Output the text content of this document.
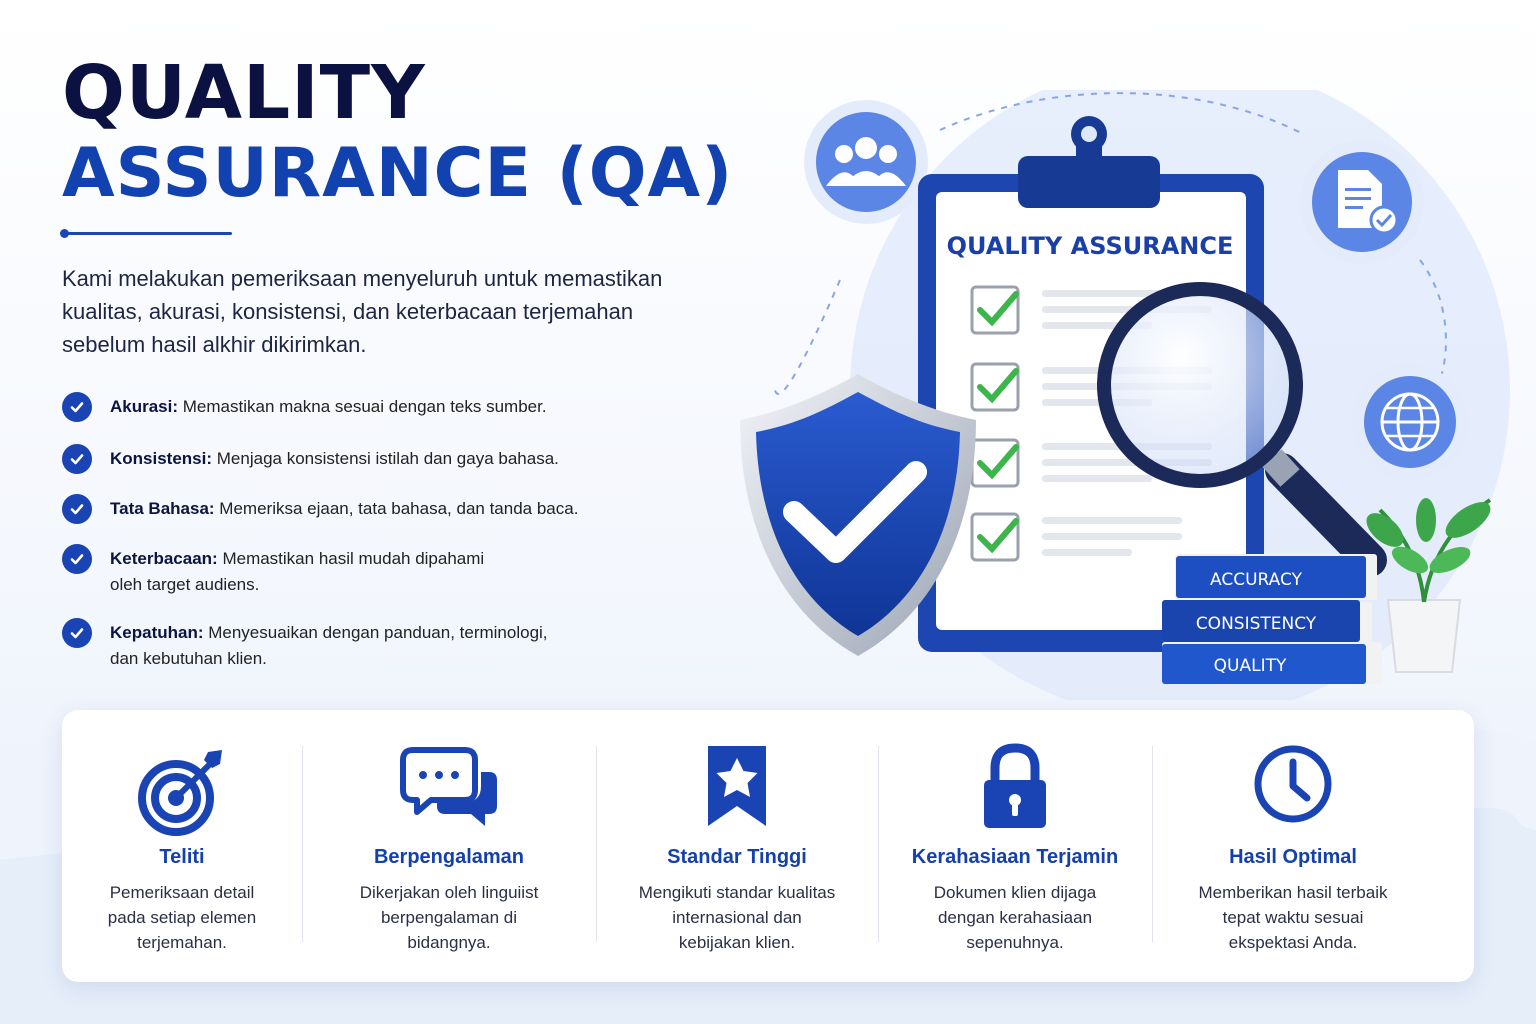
QUALITY
ASSURANCE (QA)

Kami melakukan pemeriksaan menyeluruh untuk memastikan kualitas, akurasi, konsistensi, dan keterbacaan terjemahan sebelum hasil alkhir dikirimkan.

Akurasi: Memastikan makna sesuai dengan teks sumber.
Konsistensi: Menjaga konsistensi istilah dan gaya bahasa.
Tata Bahasa: Memeriksa ejaan, tata bahasa, dan tanda baca.
Keterbacaan: Memastikan hasil mudah dipahami
oleh target audiens.
Kepatuhan: Menyesuaikan dengan panduan, terminologi,
dan kebutuhan klien.
QUALITY ASSURANCE
ACCURACY
CONSISTENCY
QUALITY
Teliti
Pemeriksaan detail
pada setiap elemen
terjemahan.
Berpengalaman
Dikerjakan oleh linguiist
berpengalaman di
bidangnya.
Standar Tinggi
Mengikuti standar kualitas
internasional dan
kebijakan klien.
Kerahasiaan Terjamin
Dokumen klien dijaga
dengan kerahasiaan
sepenuhnya.
Hasil Optimal
Memberikan hasil terbaik
tepat waktu sesuai
ekspektasi Anda.
